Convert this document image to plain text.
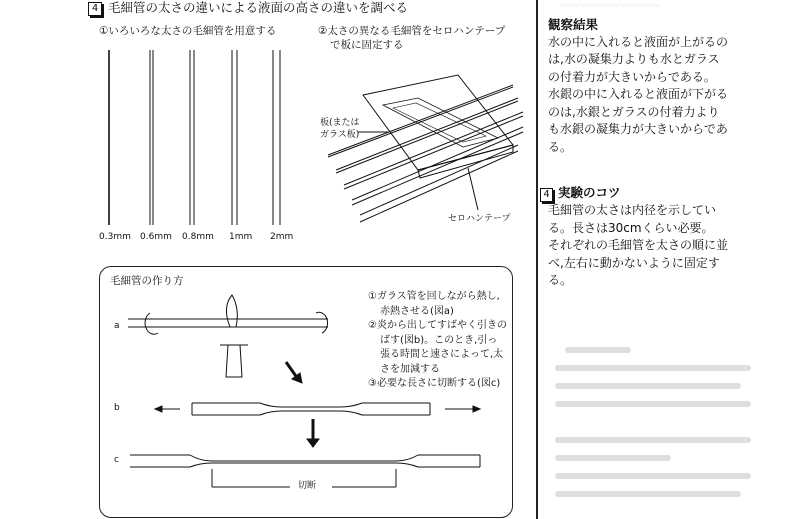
4 毛細管の太さの違いによる液面の高さの違いを調べる
①いろいろな太さの毛細管を用意する	②太さの異なる毛細管をセロハンテープ
で板に固定する
0.3mm 0.6mm 0.8mm 1mm 2mm
板(または
ガラス板)
セロハンテープ
毛細管の作り方
①ガラス管を回しながら熱し,
赤熱させる(図a)
②炎から出してすばやく引きの
ばす(図b)。このとき,引っ
張る時間と速さによって,太
さを加減する
③必要な長さに切断する(図c)
a
b
c
切断
〰〰〰〰〰〰〰〰〰〰
観察結果

水の中に入れると液面が上がるの

は,水の凝集力よりも水とガラス

の付着力が大きいからである。

水銀の中に入れると液面が下がる

のは,水銀とガラスの付着力より

も水銀の凝集力が大きいからであ

る。

4 実験のコツ

毛細管の太さは内径を示してい

る。長さは30cmくらい必要。

それぞれの毛細管を太さの順に並

べ,左右に動かないように固定す

る。
